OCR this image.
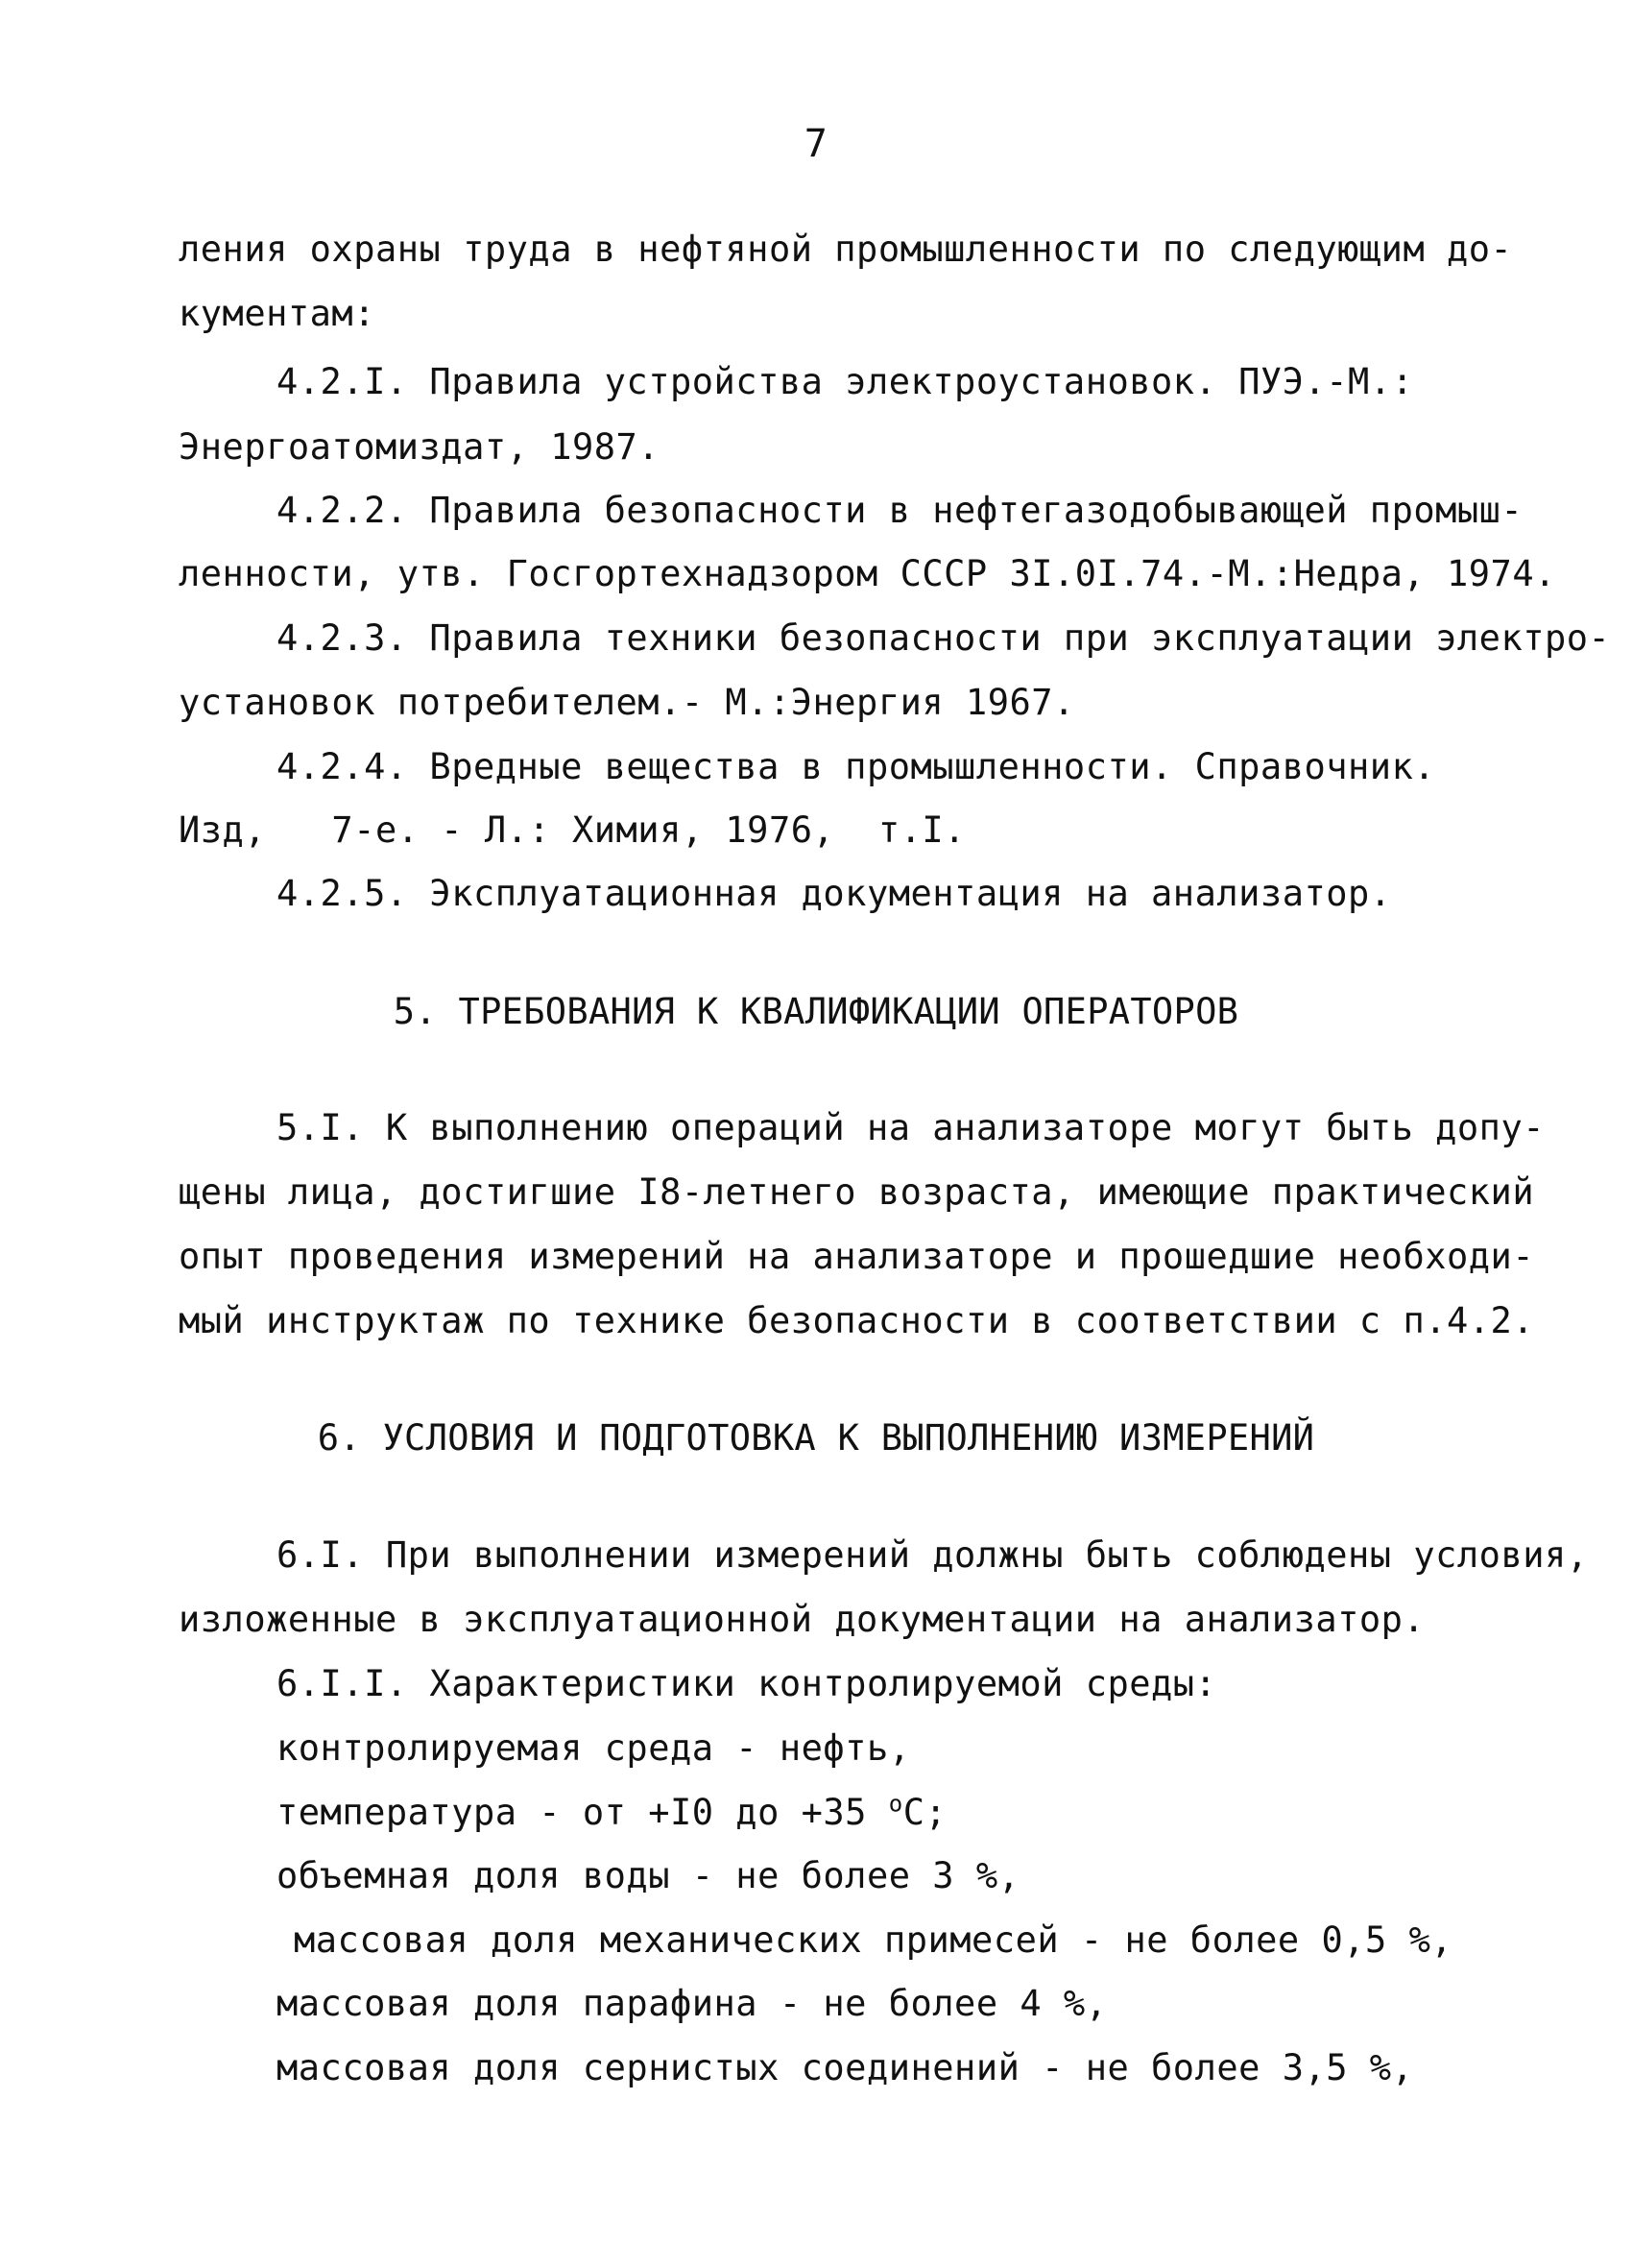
7
ления охраны труда в нефтяной промышленности по следующим до-
кументам:
4.2.I. Правила устройства электроустановок. ПУЭ.-М.:
Энергоатомиздат, 1987.
4.2.2. Правила безопасности в нефтегазодобывающей промыш-
ленности, утв. Госгортехнадзором СССР 3I.0I.74.-М.:Недра, 1974.
4.2.3. Правила техники безопасности при эксплуатации электро-
установок потребителем.- М.:Энергия 1967.
4.2.4. Вредные вещества в промышленности. Справочник.
Изд,   7-е. - Л.: Химия, 1976,  т.I.
4.2.5. Эксплуатационная документация на анализатор.
5. ТРЕБОВАНИЯ К КВАЛИФИКАЦИИ ОПЕРАТОРОВ
5.I. К выполнению операций на анализаторе могут быть допу-
щены лица, достигшие I8-летнего возраста, имеющие практический
опыт проведения измерений на анализаторе и прошедшие необходи-
мый инструктаж по технике безопасности в соответствии с п.4.2.
6. УСЛОВИЯ И ПОДГОТОВКА К ВЫПОЛНЕНИЮ ИЗМЕРЕНИЙ
6.I. При выполнении измерений должны быть соблюдены условия,
изложенные в эксплуатационной документации на анализатор.
6.I.I. Характеристики контролируемой среды:
контролируемая среда - нефть,
температура - от +I0 до +35 $^о$С;
объемная доля воды - не более 3 %,
массовая доля механических примесей - не более 0,5 %,
массовая доля парафина - не более 4 %,
массовая доля сернистых соединений - не более 3,5 %,
